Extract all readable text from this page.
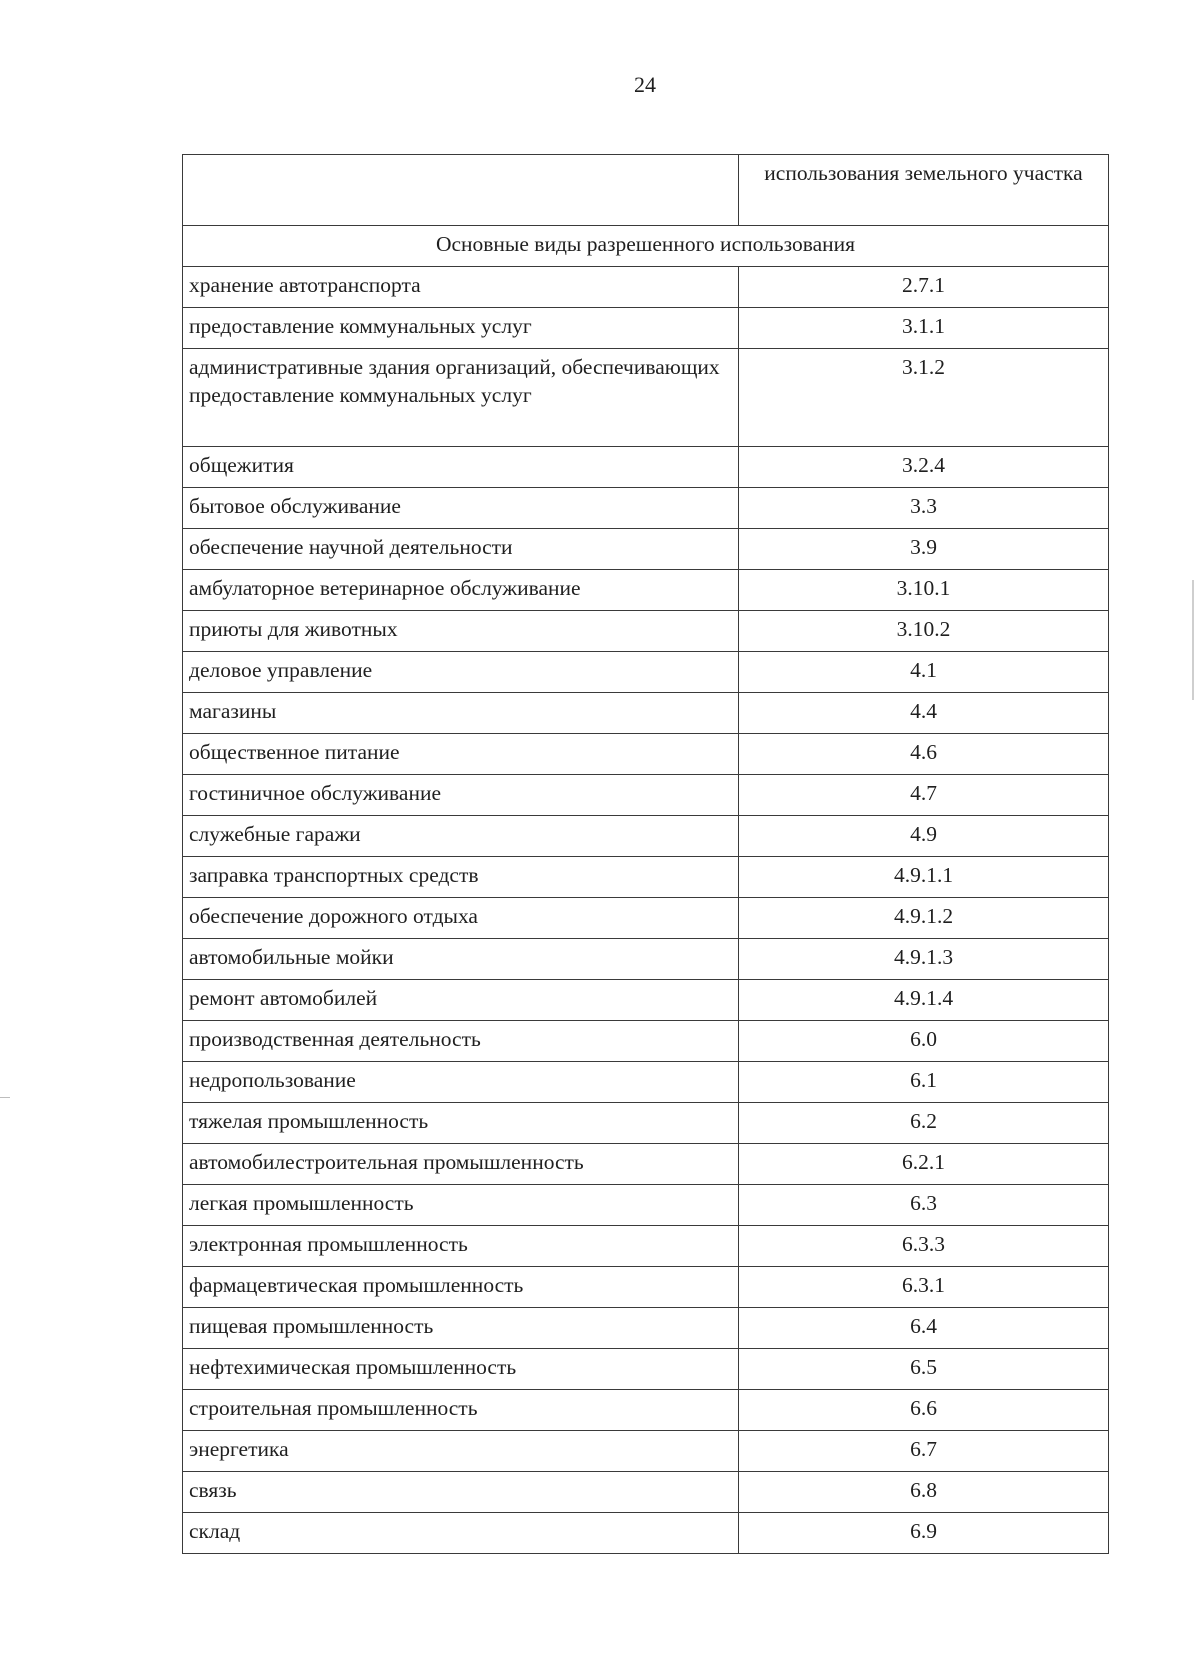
24
	использования земельного участка
Основные виды разрешенного использования	
хранение автотранспорта	2.7.1
предоставление коммунальных услуг	3.1.1
административные здания организаций, обеспечивающих предоставление коммунальных услуг	3.1.2
общежития	3.2.4
бытовое обслуживание	3.3
обеспечение научной деятельности	3.9
амбулаторное ветеринарное обслуживание	3.10.1
приюты для животных	3.10.2
деловое управление	4.1
магазины	4.4
общественное питание	4.6
гостиничное обслуживание	4.7
служебные гаражи	4.9
заправка транспортных средств	4.9.1.1
обеспечение дорожного отдыха	4.9.1.2
автомобильные мойки	4.9.1.3
ремонт автомобилей	4.9.1.4
производственная деятельность	6.0
недропользование	6.1
тяжелая промышленность	6.2
автомобилестроительная промышленность	6.2.1
легкая промышленность	6.3
электронная промышленность	6.3.3
фармацевтическая промышленность	6.3.1
пищевая промышленность	6.4
нефтехимическая промышленность	6.5
строительная промышленность	6.6
энергетика	6.7
связь	6.8
склад	6.9
